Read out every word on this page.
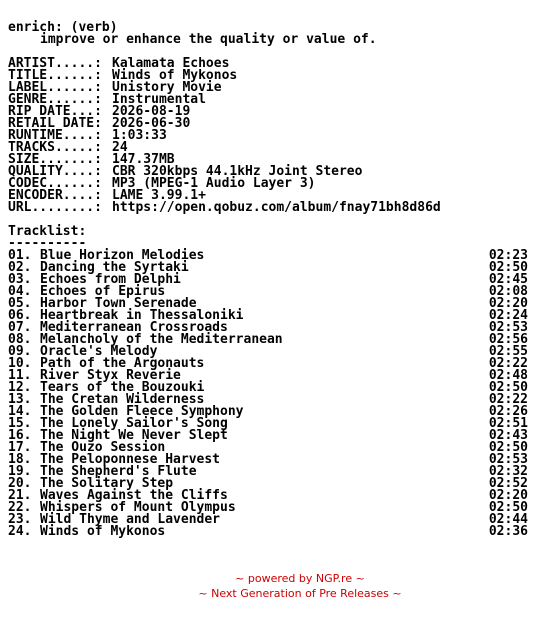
enrich: (verb)
improve or enhance the quality or value of.
ARTIST.....: Kalamata Echoes
TITLE......: Winds of Mykonos
LABEL......: Unistory Movie
GENRE......: Instrumental
RIP DATE...: 2026-08-19
RETAIL DATE: 2026-06-30
RUNTIME....: 1:03:33
TRACKS.....: 24
SIZE.......: 147.37MB
QUALITY....: CBR 320kbps 44.1kHz Joint Stereo
CODEC......: MP3 (MPEG-1 Audio Layer 3)
ENCODER....: LAME 3.99.1+
URL........: https://open.qobuz.com/album/fnay71bh8d86d
Tracklist:
----------
01. Blue Horizon Melodies	02:23
02. Dancing the Syrtaki	02:50
03. Echoes from Delphi	02:45
04. Echoes of Epirus	02:08
05. Harbor Town Serenade	02:20
06. Heartbreak in Thessaloniki	02:24
07. Mediterranean Crossroads	02:53
08. Melancholy of the Mediterranean	02:56
09. Oracle's Melody	02:55
10. Path of the Argonauts	02:22
11. River Styx Reverie	02:48
12. Tears of the Bouzouki	02:50
13. The Cretan Wilderness	02:22
14. The Golden Fleece Symphony	02:26
15. The Lonely Sailor's Song	02:51
16. The Night We Never Slept	02:43
17. The Ouzo Session	02:50
18. The Peloponnese Harvest	02:53
19. The Shepherd's Flute	02:32
20. The Solitary Step	02:52
21. Waves Against the Cliffs	02:20
22. Whispers of Mount Olympus	02:50
23. Wild Thyme and Lavender	02:44
24. Winds of Mykonos	02:36
~ powered by NGP.re ~
~ Next Generation of Pre Releases ~
